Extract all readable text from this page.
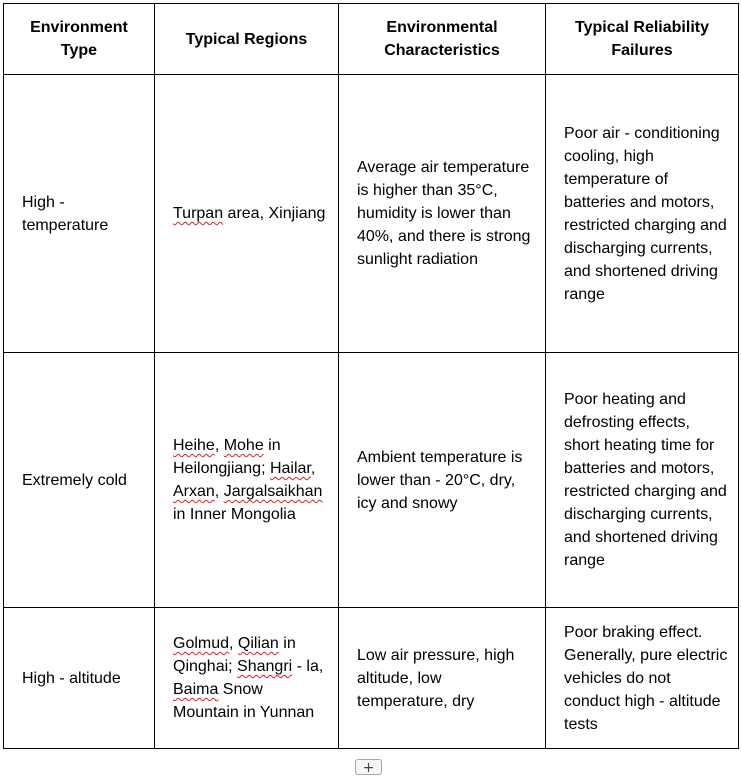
Environment Type	Typical Regions	Environmental Characteristics	Typical Reliability Failures
High - temperature	Turpan area, Xinjiang	Average air temperature is higher than 35°C, humidity is lower than 40%, and there is strong sunlight radiation	Poor air - conditioning cooling, high temperature of batteries and motors, restricted charging and discharging currents, and shortened driving range
Extremely cold	Heihe, Mohe in Heilongjiang; Hailar, Arxan, Jargalsaikhan in Inner Mongolia	Ambient temperature is lower than - 20°C, dry, icy and snowy	Poor heating and defrosting effects, short heating time for batteries and motors, restricted charging and discharging currents, and shortened driving range
High - altitude	Golmud, Qilian in Qinghai; Shangri - la, Baima Snow Mountain in Yunnan	Low air pressure, high altitude, low temperature, dry	Poor braking effect. Generally, pure electric vehicles do not conduct high - altitude tests
+
